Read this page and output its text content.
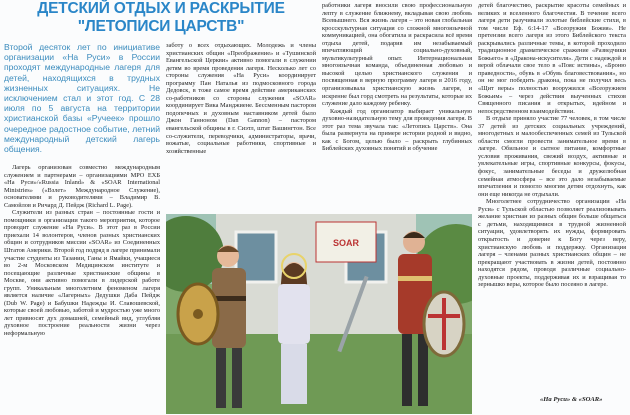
ДЕТСКИЙ ОТДЫХ И РАСКРЫТИЕ
"ЛЕТОПИСИ ЦАРСТВ"

Второй десяток лет по инициативе организации «На Руси» в России проходят международные лагеря для детей, находящихся в трудных жизненных ситуациях. Не исключением стал и этот год. С 28 июля по 5 августа на территории христианской базы «Ручеек» прошло очередное радостное событие, летний международный детский лагерь общения.

Лагерь организован совместно международным служением и партнерами – организациями МРО ЕХБ «На Руси»/«Russia Inland» & «SOAR International Ministries» («Взлет» Международное Служение), основателями и руководителями – Владимир В. Самойлов и Ричард Д. Пейдж (Richard L. Page).

Служители из разных стран – постоянные гости и помощники в организации такого мероприятия, которое проводит служение «На Руси». В этот раз в России приехали 14 волонтеров, членов разных христианских общин и сотрудников миссии «SOAR» из Соединенных Штатов Америки. Второй год подряд в лагере принимали участие студенты из Тазании, Ганы и Ямайки, учащиеся во 2-м Московском Медицинском институте и посещающие различные христианские общины в Москве, они активно помогали в лидерской работе групп. Уникальным многолетним феноменом лагеря является наличие «Лагерных» Дедушки Даба Пейдж (Dub W. Page) и Бабушки Надежды И. Славошевской, которые своей любовью, заботой и мудростью уже много лет привносят дух домашней, семейный вид, углубляя духовное построение реальности жизни через неформальную

заботу о всех отдыхающих. Молодежь и члены христианских общин «Преображение» и «Тушинской Евангельской Церкви» активно помогали в служении детям во время проведения лагеря. Несколько лет со стороны служения «На Руси» координирует программу Пан Наталья из подмосковного города Дедовск, в тоже самое время действие американских со-работников со стороны служения «SOAR» координирует Вика Манджиене. Бессменным пастором подопечных и духовным наставником детей было Джон Ганноном (Dan Gannon) – пастором евангельской общины в г. Сиэтл, штат Вашингтон. Все со-служители, переводчики, администраторы, врачи, вожатые, социальные работники, спортивные и хозяйственные

работники лагеря вносили свою профессиональную лепту в служение ближнему, вкладывая свою любовь Всевышнего. Вся жизнь лагеря – это новая глобальная кросскультурная ситуация со сложной многоязычной коммуникацией, она обогатила и раскрасила всё время отдыха детей, подарив им незабываемый впечатляющий социально-духовный, мультикультурный опыт. Интернациональная многоязычная команда, объединенная любовью и высокой целью христианского служения и посвященная в верную программу лагеря в 2016 году, организовывала христианскую жизнь лагеря, и искренне был горд смотреть на результаты, которые их служение дало каждому ребенку.

Каждый год организатор выбирает уникальную духовно-назидательную тему для проведения лагеря. В этот раз тема звучала так: «Летопись Царств». Она была развернута на примере истории родной и видно, как с Богом, целью было – раскрыть глубинных Библейских духовных понятий и обучение

детей благочестию, раскрытие красоты семейных и великих и вселенного благочестия. В течение всего лагеря дети разучивали золотые библейские стихи, в том числе Еф. 6:14-17 «Всеоружия Божия». Не претензии всего лагеря из этого Библейского текста раскрывались различные темы, в которой проходило традиционное драматическое сражение «Разведчики Божьего» в «Дракона-искусителя». Дети с надеждой и верой облачали свое тело в «Пояс истины», «Броню праведности», обувь в «Обувь благовествования», но он не мог победить дракона, пока не получил весь «Щит веры» полностью вооружился «Всеоружием Божьим» – через действия выученных стихов Священного писания и открытых, идейном и непосредственном взаимодействии.

В отдыхе приняло участие 77 человек, в том числе 37 детей из детских социальных учреждений, многодетных и малообеспеченных семей из Тульской области смогли провести занимательное время в лагере. Обильное и сытное питание, комфортные условия проживания, свежий воздух, активные и увлекательные игры, спортивные конкурсы, фокусы, фокус, занимательные беседы и дружелюбная семейная атмосфера – все это дало незабываемые впечатления и помогло многим детям отдохнуть, как они еще никогда не отдыхали.

Многолетнее сотрудничество организации «На Руси» с Тульской областью позволяет реализовывать желание христиан из разных общин больше общаться с детьми, находящимися в трудной жизненной ситуации, удовлетворять их нужды, формировать открытость и доверие к Богу через веру, христианскую любовь и поддержку. Организация лагеря – членами разных христианских общин – не прекращают участвовать в жизни детей, постоянно находятся рядом, проводя различные социально-духовные проекты, поддерживая их и взращивая то зернышко веры, которое было посеяно в лагере.

«На Руси» & «SOAR»
SOAR
